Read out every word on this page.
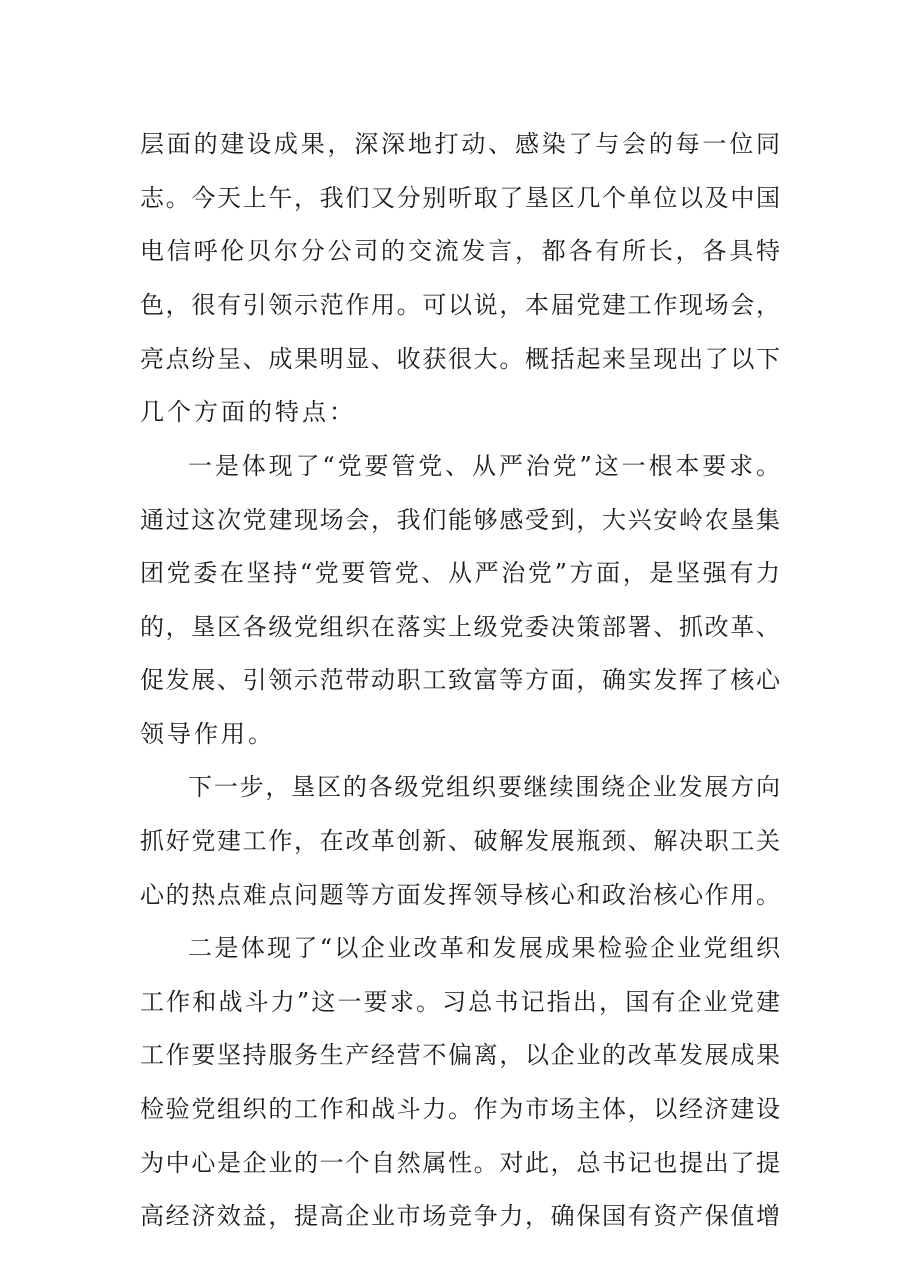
层面的建设成果，深深地打动、感染了与会的每一位同
志。今天上午，我们又分别听取了垦区几个单位以及中国
电信呼伦贝尔分公司的交流发言，都各有所长，各具特
色，很有引领示范作用。可以说，本届党建工作现场会，
亮点纷呈、成果明显、收获很大。概括起来呈现出了以下
几个方面的特点：
一是体现了“党要管党、从严治党”这一根本要求。
通过这次党建现场会，我们能够感受到，大兴安岭农垦集
团党委在坚持“党要管党、从严治党”方面，是坚强有力
的，垦区各级党组织在落实上级党委决策部署、抓改革、
促发展、引领示范带动职工致富等方面，确实发挥了核心
领导作用。
下一步，垦区的各级党组织要继续围绕企业发展方向
抓好党建工作，在改革创新、破解发展瓶颈、解决职工关
心的热点难点问题等方面发挥领导核心和政治核心作用。
二是体现了“以企业改革和发展成果检验企业党组织
工作和战斗力”这一要求。习总书记指出，国有企业党建
工作要坚持服务生产经营不偏离，以企业的改革发展成果
检验党组织的工作和战斗力。作为市场主体，以经济建设
为中心是企业的一个自然属性。对此，总书记也提出了提
高经济效益，提高企业市场竞争力，确保国有资产保值增
